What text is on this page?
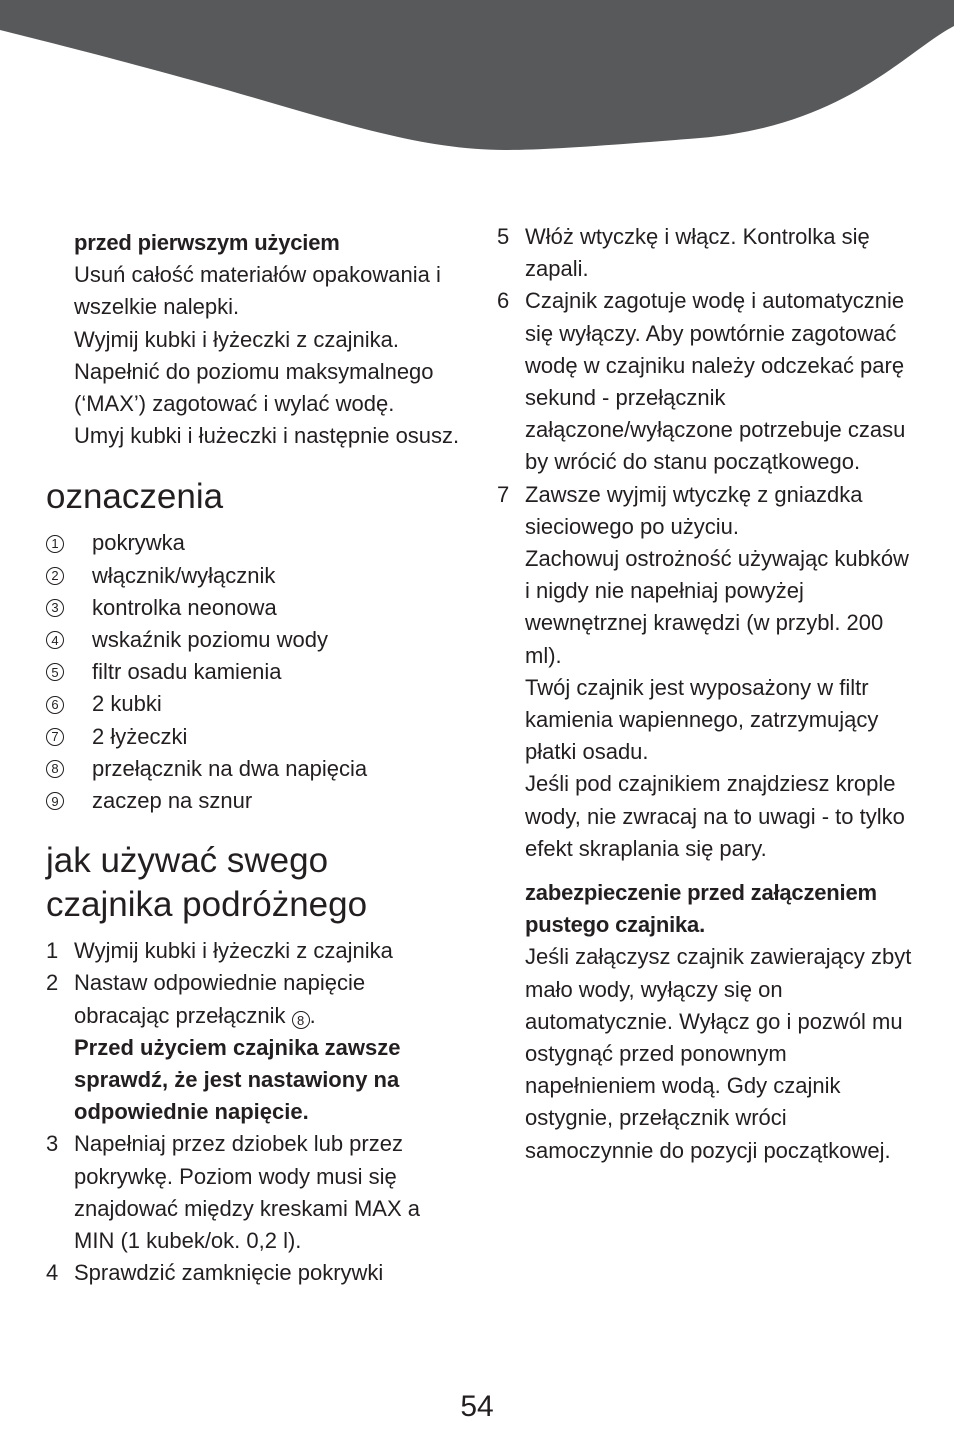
przed pierwszym użyciem

Usuń całość materiałów opakowania i wszelkie nalepki.

Wyjmij kubki i łyżeczki z czajnika.

Napełnić do poziomu maksymalnego (‘MAX’) zagotować i wylać wodę.

Umyj kubki i łużeczki i następnie osusz.

oznaczenia
1 pokrywka
2 włącznik/wyłącznik
3 kontrolka neonowa
4 wskaźnik poziomu wody
5 filtr osadu kamienia
6 2 kubki
7 2 łyżeczki
8 przełącznik na dwa napięcia
9 zaczep na sznur
jak używać swego
czajnika podróżnego
1 Wyjmij kubki i łyżeczki z czajnika
2 Nastaw odpowiednie napięcie obracając przełącznik 8 .
Przed użyciem czajnika zawsze sprawdź, że jest nastawiony na odpowiednie napięcie.
3 Napełniaj przez dziobek lub przez pokrywkę. Poziom wody musi się znajdować między kreskami MAX a MIN (1 kubek/ok. 0,2 l).
4 Sprawdzić zamknięcie pokrywki
5 Włóż wtyczkę i włącz. Kontrolka się zapali.
6 Czajnik zagotuje wodę i automatycznie się wyłączy. Aby powtórnie zagotować wodę w czajniku należy odczekać parę sekund - przełącznik załączone/wyłączone potrzebuje czasu by wrócić do stanu początkowego.
7 Zawsze wyjmij wtyczkę z gniazdka sieciowego po użyciu.

Zachowuj ostrożność używając kubków i nigdy nie napełniaj powyżej wewnętrznej krawędzi (w przybl. 200 ml).

Twój czajnik jest wyposażony w filtr kamienia wapiennego, zatrzymujący płatki osadu.

Jeśli pod czajnikiem znajdziesz krople wody, nie zwracaj na to uwagi - to tylko efekt skraplania się pary.

zabezpieczenie przed załączeniem pustego czajnika.

Jeśli załączysz czajnik zawierający zbyt mało wody, wyłączy się on automatycznie. Wyłącz go i pozwól mu ostygnąć przed ponownym napełnieniem wodą. Gdy czajnik ostygnie, przełącznik wróci samoczynnie do pozycji początkowej.

54
